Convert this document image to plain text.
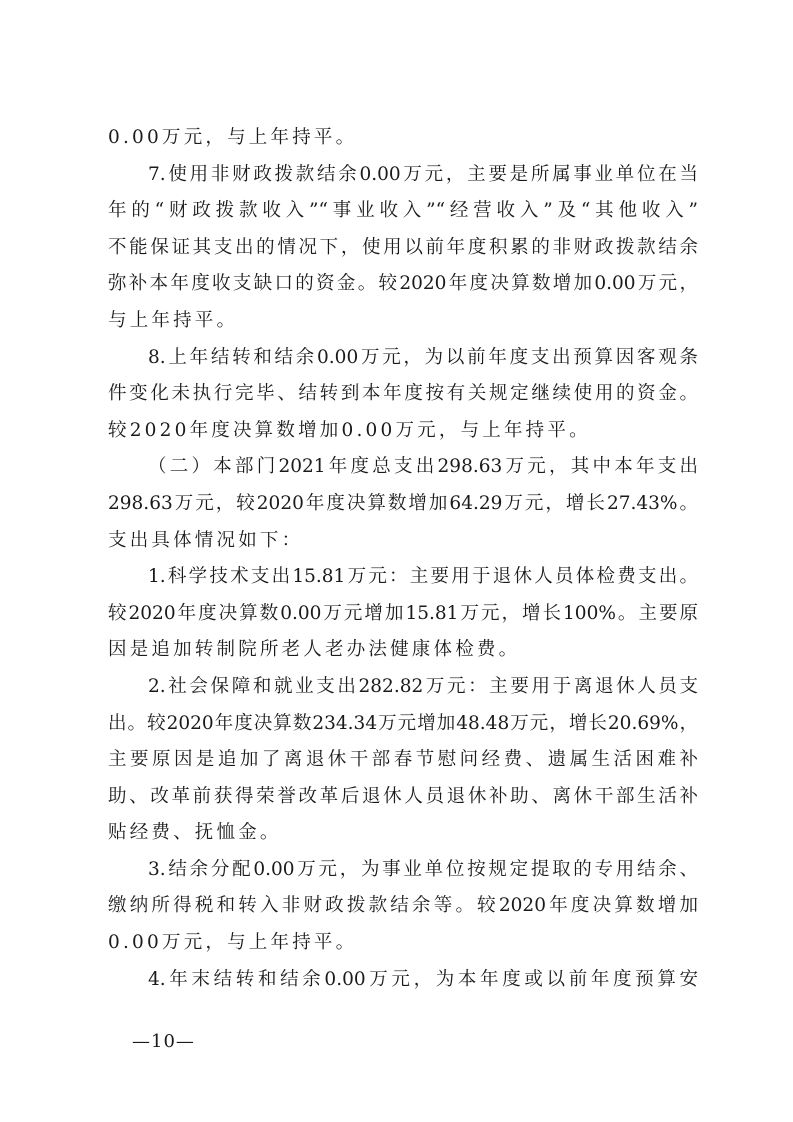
0.00万元，与上年持平。
7.使用非财政拨款结余0.00万元，主要是所属事业单位在当
年的“财政拨款收入”“事业收入”“经营收入”及“其他收入”
不能保证其支出的情况下，使用以前年度积累的非财政拨款结余
弥补本年度收支缺口的资金。较2020年度决算数增加0.00万元，
与上年持平。
8.上年结转和结余0.00万元，为以前年度支出预算因客观条
件变化未执行完毕、结转到本年度按有关规定继续使用的资金。
较2020年度决算数增加0.00万元，与上年持平。
（二）本部门2021年度总支出298.63万元，其中本年支出
298.63万元，较2020年度决算数增加64.29万元，增长27.43%。
支出具体情况如下：
1.科学技术支出15.81万元：主要用于退休人员体检费支出。
较2020年度决算数0.00万元增加15.81万元，增长100%。主要原
因是追加转制院所老人老办法健康体检费。
2.社会保障和就业支出282.82万元：主要用于离退休人员支
出。较2020年度决算数234.34万元增加48.48万元，增长20.69%，
主要原因是追加了离退休干部春节慰问经费、遗属生活困难补
助、改革前获得荣誉改革后退休人员退休补助、离休干部生活补
贴经费、抚恤金。
3.结余分配0.00万元，为事业单位按规定提取的专用结余、
缴纳所得税和转入非财政拨款结余等。较2020年度决算数增加
0.00万元，与上年持平。
4.年末结转和结余0.00万元，为本年度或以前年度预算安
—10—
